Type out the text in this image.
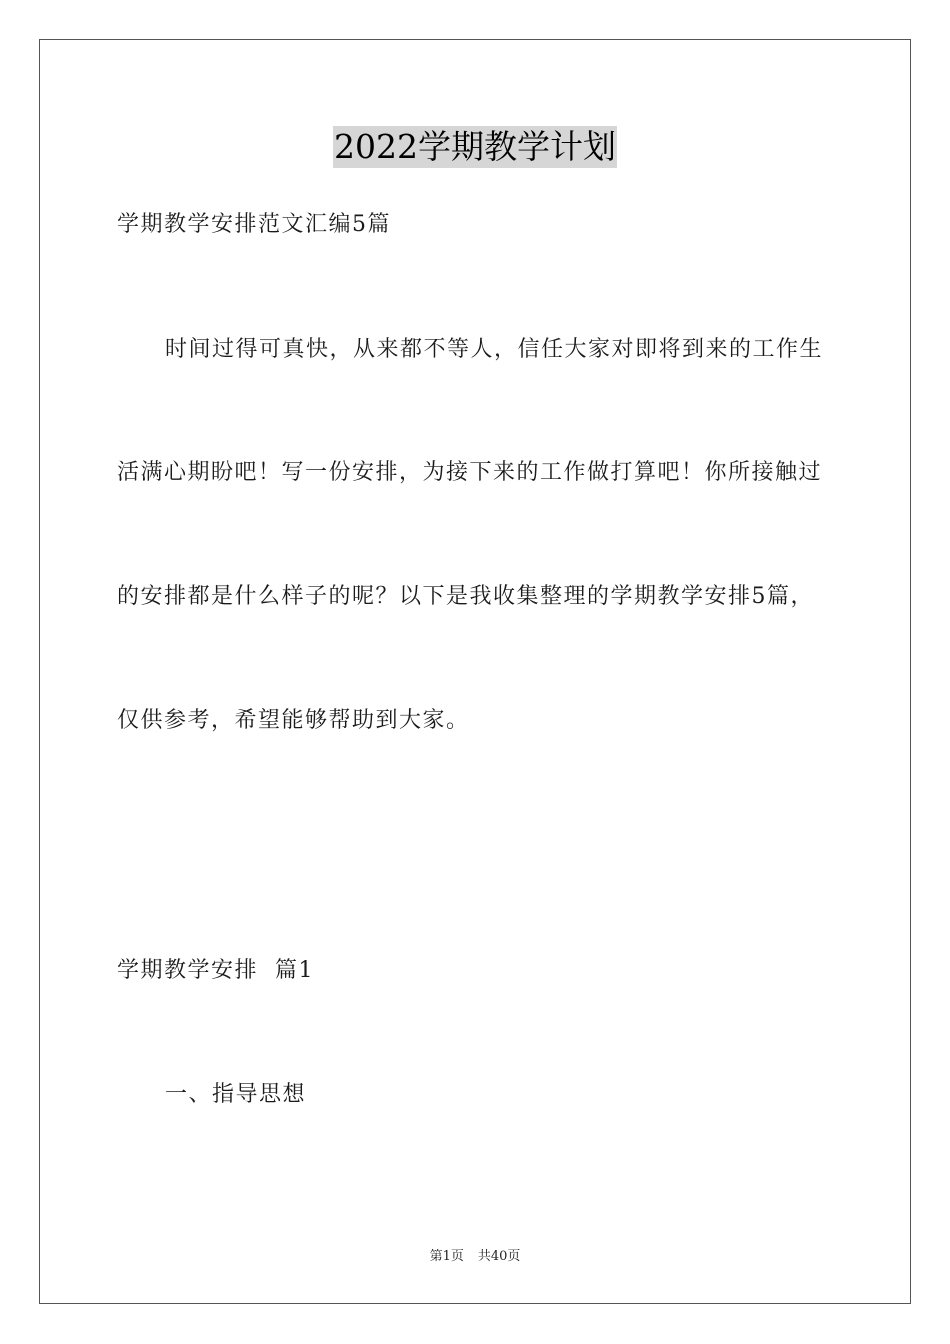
2022学期教学计划
学期教学安排范文汇编5篇
时间过得可真快，从来都不等人，信任大家对即将到来的工作生
活满心期盼吧！写一份安排，为接下来的工作做打算吧！你所接触过
的安排都是什么样子的呢？以下是我收集整理的学期教学安排5篇，
仅供参考，希望能够帮助到大家。
学期教学安排  篇1
一、指导思想
第1页 共40页
